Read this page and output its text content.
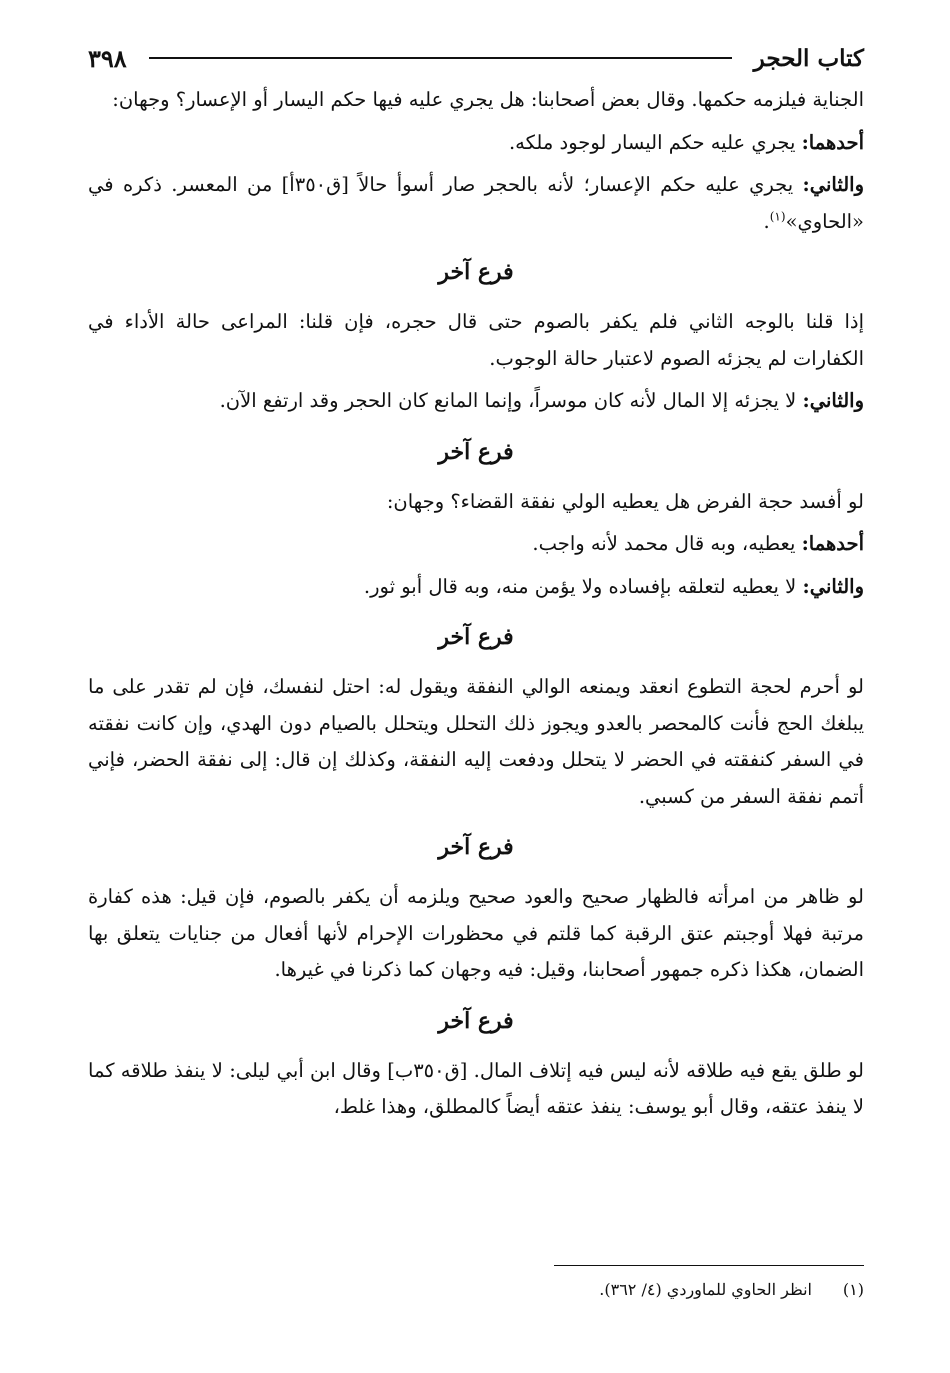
كتاب الحجر
٣٩٨

الجناية فيلزمه حكمها. وقال بعض أصحابنا: هل يجري عليه فيها حكم اليسار أو الإعسار؟ وجهان:

أحدهما: يجري عليه حكم اليسار لوجود ملكه.

والثاني: يجري عليه حكم الإعسار؛ لأنه بالحجر صار أسوأ حالاً [ق٣٥٠أ] من المعسر. ذكره في «الحاوي»$^{(١)}$.

فرع آخر

إذا قلنا بالوجه الثاني فلم يكفر بالصوم حتى قال حجره، فإن قلنا: المراعى حالة الأداء في الكفارات لم يجزئه الصوم لاعتبار حالة الوجوب.

والثاني: لا يجزئه إلا المال لأنه كان موسراً، وإنما المانع كان الحجر وقد ارتفع الآن.

فرع آخر

لو أفسد حجة الفرض هل يعطيه الولي نفقة القضاء؟ وجهان:

أحدهما: يعطيه، وبه قال محمد لأنه واجب.

والثاني: لا يعطيه لتعلقه بإفساده ولا يؤمن منه، وبه قال أبو ثور.

فرع آخر

لو أحرم لحجة التطوع انعقد ويمنعه الوالي النفقة ويقول له: احتل لنفسك، فإن لم تقدر على ما يبلغك الحج فأنت كالمحصر بالعدو ويجوز ذلك التحلل ويتحلل بالصيام دون الهدي، وإن كانت نفقته في السفر كنفقته في الحضر لا يتحلل ودفعت إليه النفقة، وكذلك إن قال: إلى نفقة الحضر، فإني أتمم نفقة السفر من كسبي.

فرع آخر

لو ظاهر من امرأته فالظهار صحيح والعود صحيح ويلزمه أن يكفر بالصوم، فإن قيل: هذه كفارة مرتبة فهلا أوجبتم عتق الرقبة كما قلتم في محظورات الإحرام لأنها أفعال من جنايات يتعلق بها الضمان، هكذا ذكره جمهور أصحابنا، وقيل: فيه وجهان كما ذكرنا في غيرها.

فرع آخر

لو طلق يقع فيه طلاقه لأنه ليس فيه إتلاف المال. [ق٣٥٠ب] وقال ابن أبي ليلى: لا ينفذ طلاقه كما لا ينفذ عتقه، وقال أبو يوسف: ينفذ عتقه أيضاً كالمطلق، وهذا غلط،

(١)انظر الحاوي للماوردي (٤/ ٣٦٢).
